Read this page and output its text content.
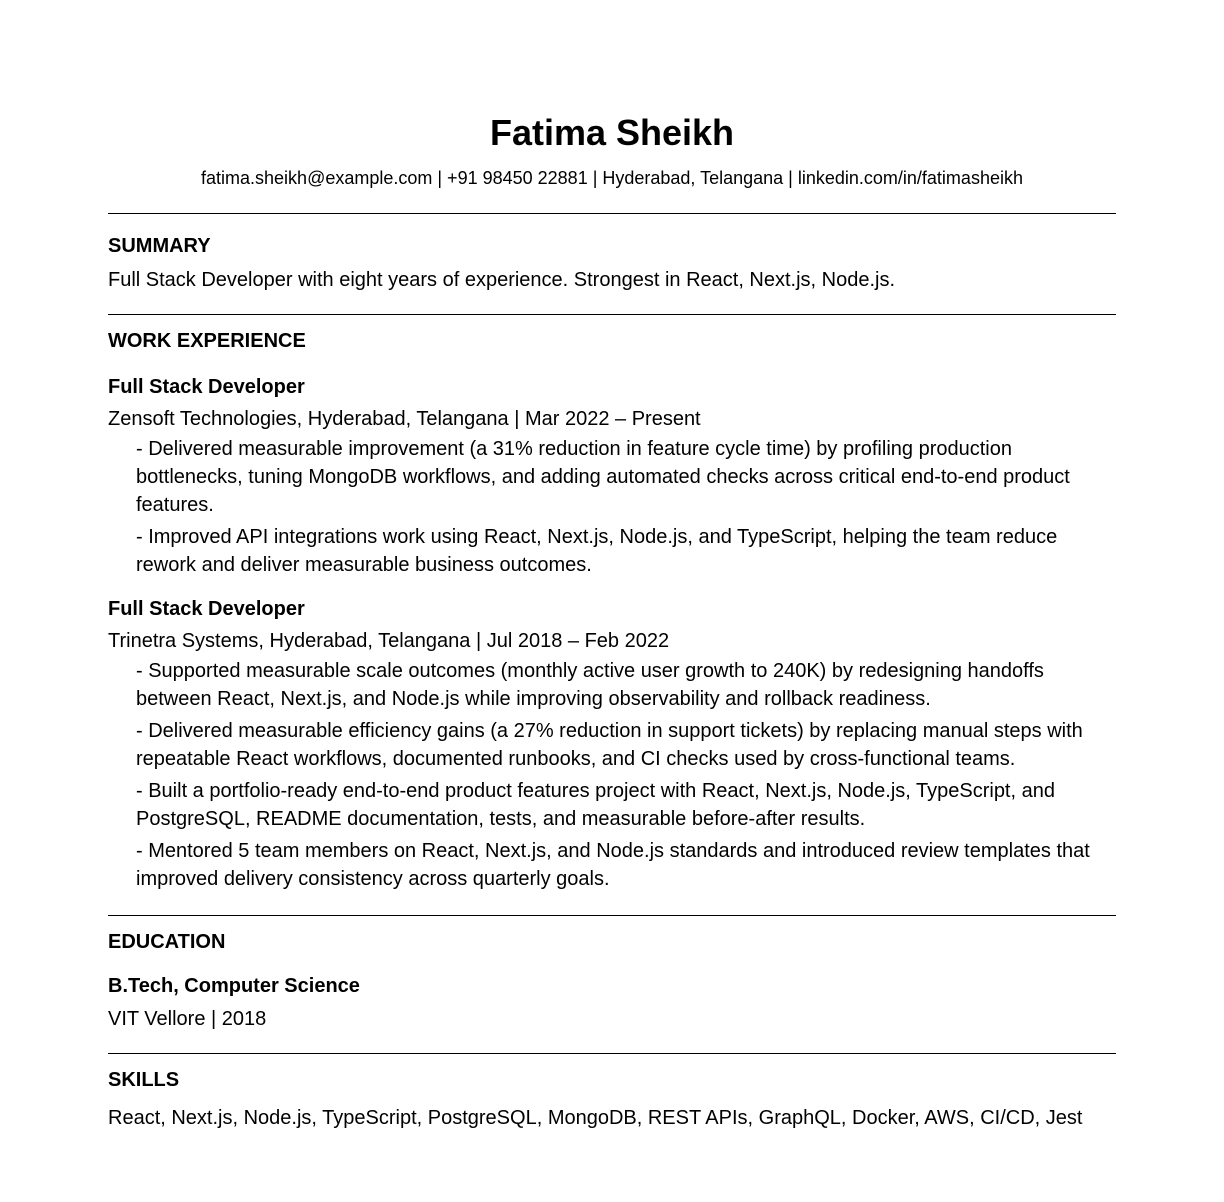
Fatima Sheikh
fatima.sheikh@example.com | +91 98450 22881 | Hyderabad, Telangana | linkedin.com/in/fatimasheikh
SUMMARY

Full Stack Developer with eight years of experience. Strongest in React, Next.js, Node.js.

WORK EXPERIENCE
Full Stack Developer
Zensoft Technologies, Hyderabad, Telangana | Mar 2022 – Present
- Delivered measurable improvement (a 31% reduction in feature cycle time) by profiling production bottlenecks, tuning MongoDB workflows, and adding automated checks across critical end-to-end product features.
- Improved API integrations work using React, Next.js, Node.js, and TypeScript, helping the team reduce rework and deliver measurable business outcomes.
Full Stack Developer
Trinetra Systems, Hyderabad, Telangana | Jul 2018 – Feb 2022
- Supported measurable scale outcomes (monthly active user growth to 240K) by redesigning handoffs between React, Next.js, and Node.js while improving observability and rollback readiness.
- Delivered measurable efficiency gains (a 27% reduction in support tickets) by replacing manual steps with repeatable React workflows, documented runbooks, and CI checks used by cross-functional teams.
- Built a portfolio-ready end-to-end product features project with React, Next.js, Node.js, TypeScript, and PostgreSQL, README documentation, tests, and measurable before-after results.
- Mentored 5 team members on React, Next.js, and Node.js standards and introduced review templates that improved delivery consistency across quarterly goals.
EDUCATION
B.Tech, Computer Science
VIT Vellore | 2018
SKILLS

React, Next.js, Node.js, TypeScript, PostgreSQL, MongoDB, REST APIs, GraphQL, Docker, AWS, CI/CD, Jest
